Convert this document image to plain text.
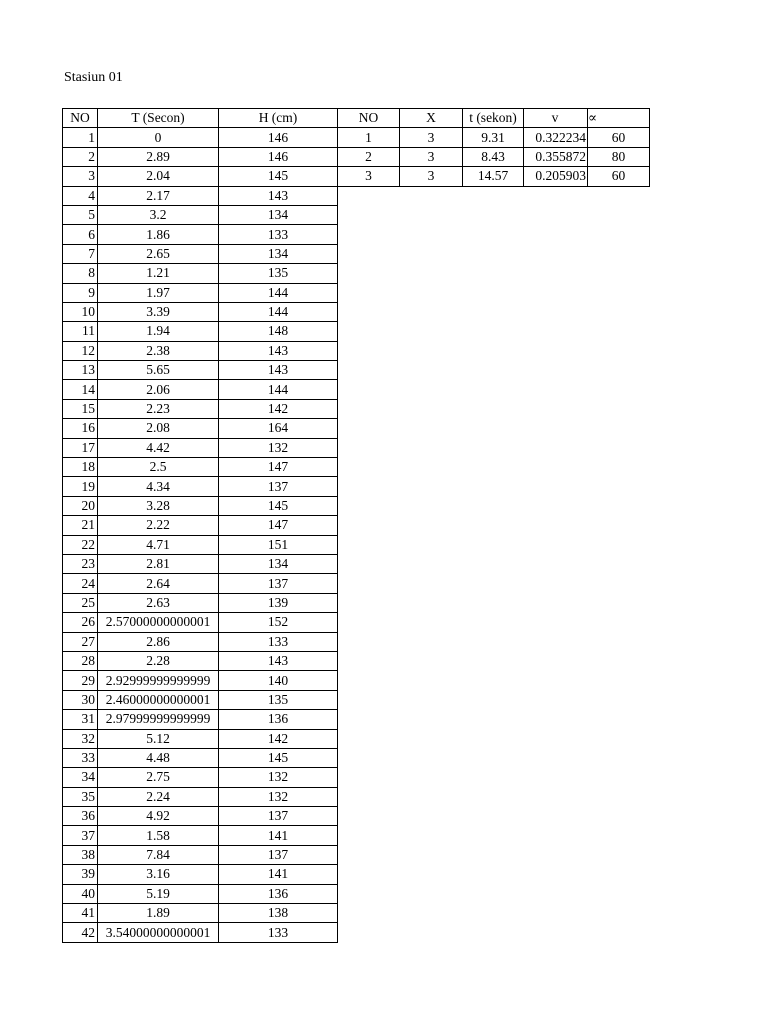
Stasiun 01
NO	T (Secon)	H (cm)
1	0	146
2	2.89	146
3	2.04	145
4	2.17	143
5	3.2	134
6	1.86	133
7	2.65	134
8	1.21	135
9	1.97	144
10	3.39	144
11	1.94	148
12	2.38	143
13	5.65	143
14	2.06	144
15	2.23	142
16	2.08	164
17	4.42	132
18	2.5	147
19	4.34	137
20	3.28	145
21	2.22	147
22	4.71	151
23	2.81	134
24	2.64	137
25	2.63	139
26	2.57000000000001	152
27	2.86	133
28	2.28	143
29	2.92999999999999	140
30	2.46000000000001	135
31	2.97999999999999	136
32	5.12	142
33	4.48	145
34	2.75	132
35	2.24	132
36	4.92	137
37	1.58	141
38	7.84	137
39	3.16	141
40	5.19	136
41	1.89	138
42	3.54000000000001	133
NO	X	t (sekon)	v	∝
1	3	9.31	0.322234	60
2	3	8.43	0.355872	80
3	3	14.57	0.205903	60
